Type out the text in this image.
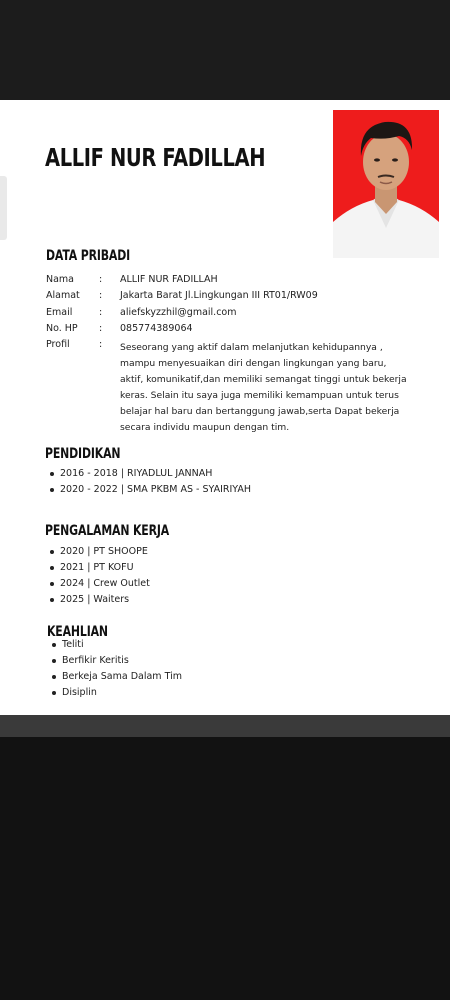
ALLIF NUR FADILLAH
DATA PRIBADI
Nama	: ALLIF NUR FADILLAH
Alamat : Jakarta Barat Jl.Lingkungan III RT01/RW09
Email	: aliefskyzzhil@gmail.com
No. HP : 085774389064
Profil	: Seseorang yang aktif dalam melanjutkan kehidupannya , mampu menyesuaikan diri dengan lingkungan yang baru, aktif, komunikatif,dan memiliki semangat tinggi untuk bekerja keras. Selain itu saya juga memiliki kemampuan untuk terus belajar hal baru dan bertanggung jawab,serta Dapat bekerja secara individu maupun dengan tim.
PENDIDIKAN
2016 - 2018 | RIYADLUL JANNAH
2020 - 2022 | SMA PKBM AS - SYAIRIYAH
PENGALAMAN KERJA
2020 | PT SHOOPE
2021 | PT KOFU
2024 | Crew Outlet
2025 | Waiters
KEAHLIAN
Teliti
Berfikir Keritis
Berkeja Sama Dalam Tim
Disiplin
